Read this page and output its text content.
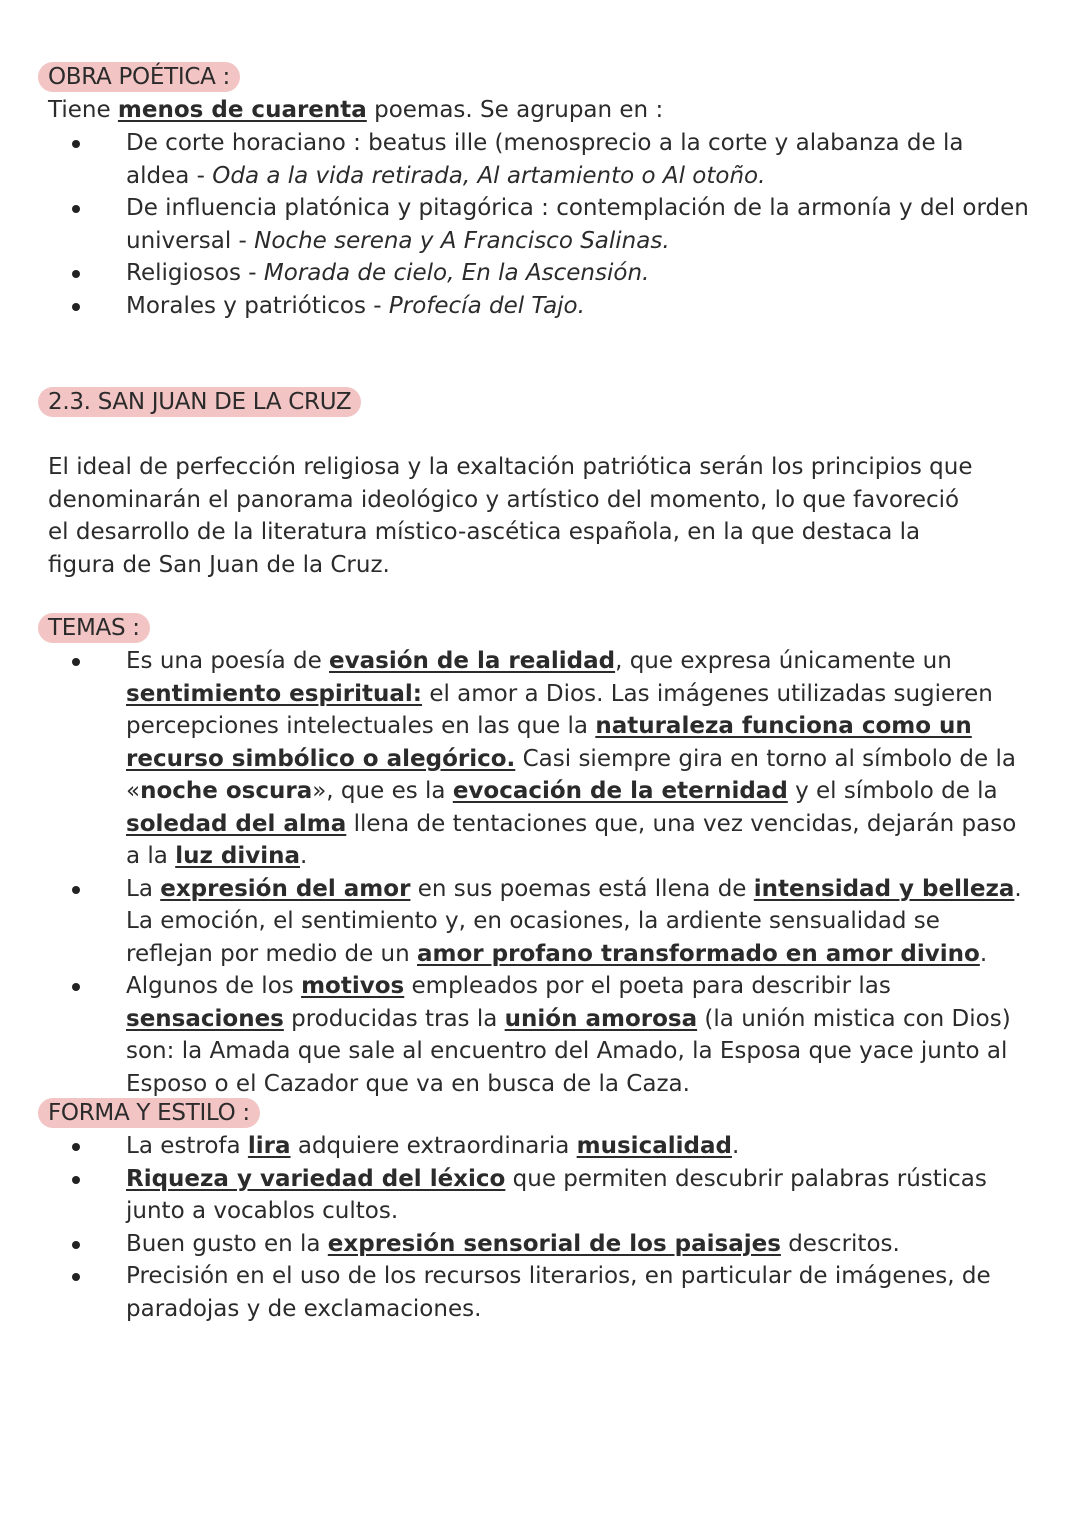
OBRA POÉTICA :

Tiene menos de cuarenta poemas. Se agrupan en :

De corte horaciano : beatus ille (menosprecio a la corte y alabanza de la aldea - Oda a la vida retirada, Al artamiento o Al otoño.
De influencia platónica y pitagórica : contemplación de la armonía y del orden universal - Noche serena y A Francisco Salinas.
Religiosos - Morada de cielo, En la Ascensión.
Morales y patrióticos - Profecía del Tajo.
2.3. SAN JUAN DE LA CRUZ

El ideal de perfección religiosa y la exaltación patriótica serán los principios que denominarán el panorama ideológico y artístico del momento, lo que favoreció el desarrollo de la literatura místico-ascética española, en la que destaca la figura de San Juan de la Cruz.

TEMAS :
Es una poesía de evasión de la realidad, que expresa únicamente un sentimiento espiritual: el amor a Dios. Las imágenes utilizadas sugieren percepciones intelectuales en las que la naturaleza funciona como un recurso simbólico o alegórico. Casi siempre gira en torno al símbolo de la «noche oscura», que es la evocación de la eternidad y el símbolo de la soledad del alma llena de tentaciones que, una vez vencidas, dejarán paso a la luz divina.
La expresión del amor en sus poemas está llena de intensidad y belleza. La emoción, el sentimiento y, en ocasiones, la ardiente sensualidad se reflejan por medio de un amor profano transformado en amor divino.
Algunos de los motivos empleados por el poeta para describir las sensaciones producidas tras la unión amorosa (la unión mistica con Dios) son: la Amada que sale al encuentro del Amado, la Esposa que yace junto al Esposo o el Cazador que va en busca de la Caza.
FORMA Y ESTILO :
La estrofa lira adquiere extraordinaria musicalidad.
Riqueza y variedad del léxico que permiten descubrir palabras rústicas junto a vocablos cultos.
Buen gusto en la expresión sensorial de los paisajes descritos.
Precisión en el uso de los recursos literarios, en particular de imágenes, de paradojas y de exclamaciones.
